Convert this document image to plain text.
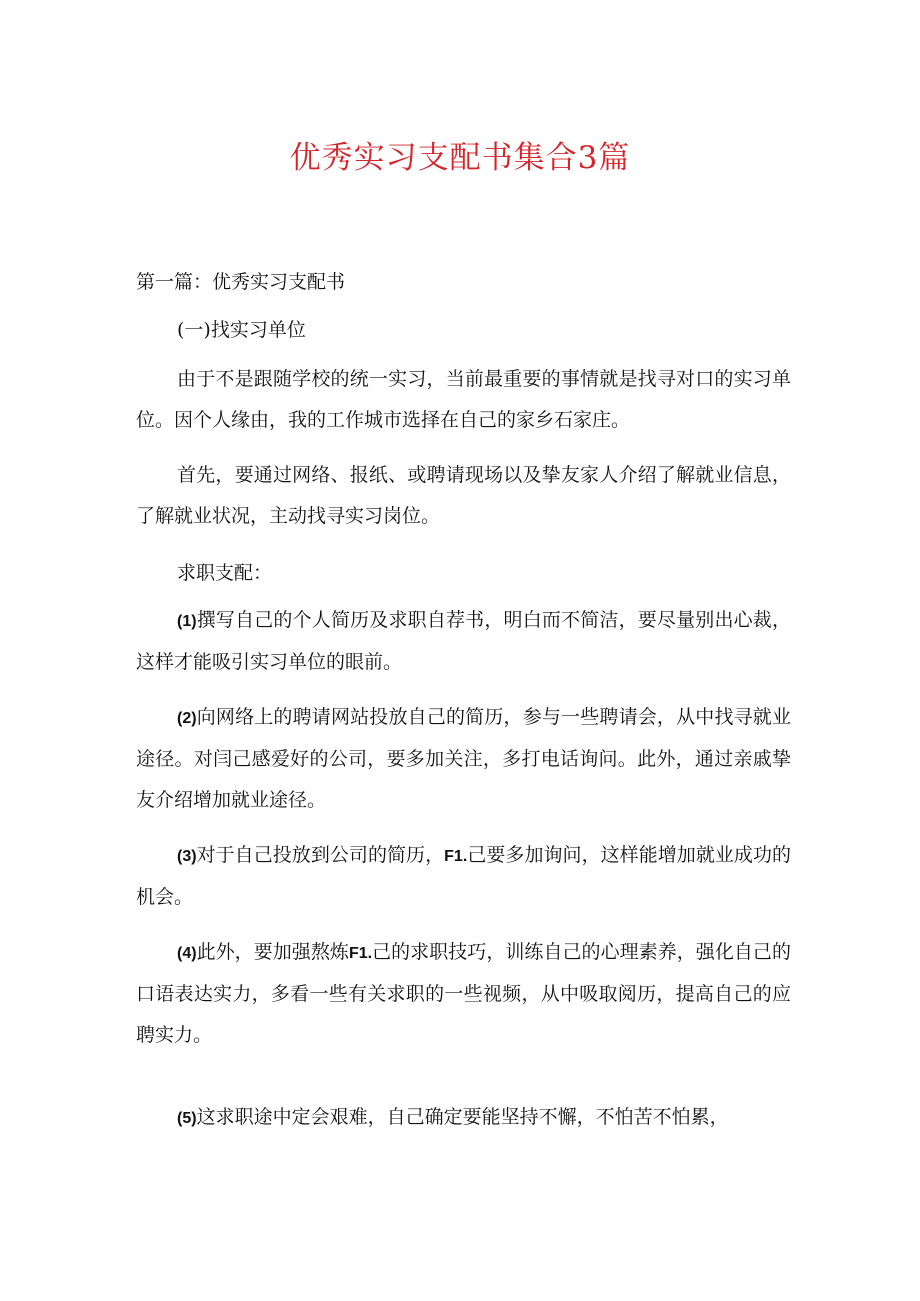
优秀实习支配书集合3篇

第一篇：优秀实习支配书

(一)找实习单位

由于不是跟随学校的统一实习，当前最重要的事情就是找寻对口的实习单位。因个人缘由，我的工作城市选择在自己的家乡石家庄。

首先，要通过网络、报纸、或聘请现场以及挚友家人介绍了解就业信息，了解就业状况，主动找寻实习岗位。

求职支配：

(1)撰写自己的个人简历及求职自荐书，明白而不简洁，要尽量别出心裁，这样才能吸引实习单位的眼前。

(2)向网络上的聘请网站投放自己的简历，参与一些聘请会，从中找寻就业途径。对闫己感爱好的公司，要多加关注，多打电话询问。此外，通过亲戚挚友介绍增加就业途径。

(3)对于自己投放到公司的简历，F1.己要多加询问，这样能增加就业成功的机会。

(4)此外，要加强熬炼F1.己的求职技巧，训练自己的心理素养，强化自己的口语表达实力，多看一些有关求职的一些视频，从中吸取阅历，提高自己的应聘实力。

(5)这求职途中定会艰难，自己确定要能坚持不懈，不怕苦不怕累，
